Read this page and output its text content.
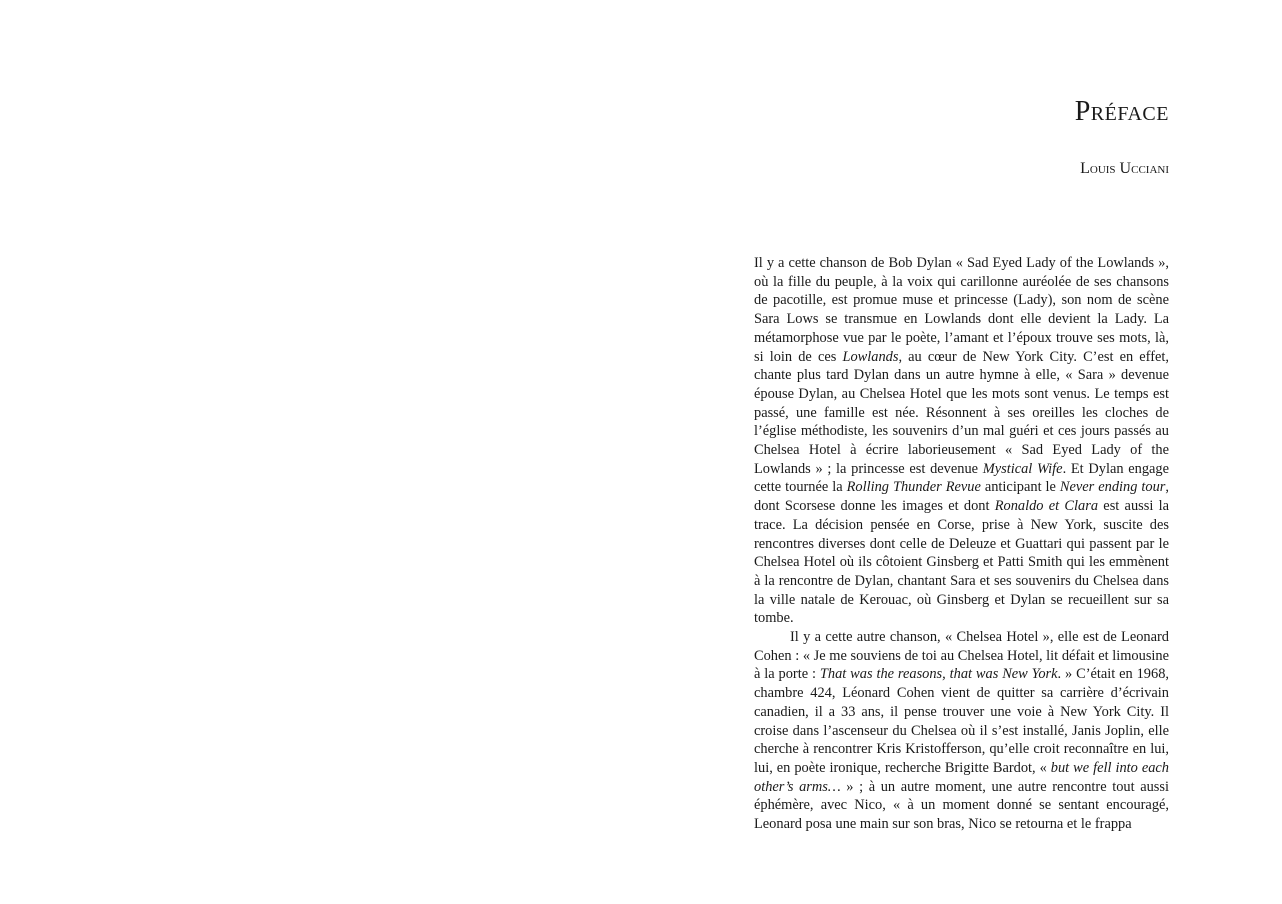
Préface
Louis Ucciani

Il y a cette chanson de Bob Dylan « Sad Eyed Lady of the Lowlands », où la fille du peuple, à la voix qui carillonne auréolée de ses chansons de pacotille, est promue muse et princesse (Lady), son nom de scène Sara Lows se transmue en Lowlands dont elle devient la Lady. La métamorphose vue par le poète, l’amant et l’époux trouve ses mots, là, si loin de ces Lowlands, au cœur de New York City. C’est en effet, chante plus tard Dylan dans un autre hymne à elle, « Sara » devenue épouse Dylan, au Chelsea Hotel que les mots sont venus. Le temps est passé, une famille est née. Résonnent à ses oreilles les cloches de l’église méthodiste, les souvenirs d’un mal guéri et ces jours passés au Chelsea Hotel à écrire laborieusement « Sad Eyed Lady of the Lowlands » ; la princesse est devenue Mystical Wife. Et Dylan engage cette tournée la Rolling Thunder Revue anticipant le Never ending tour, dont Scorsese donne les images et dont Ronaldo et Clara est aussi la trace. La décision pensée en Corse, prise à New York, suscite des rencontres diverses dont celle de Deleuze et Guattari qui passent par le Chelsea Hotel où ils côtoient Ginsberg et Patti Smith qui les emmènent à la rencontre de Dylan, chantant Sara et ses souvenirs du Chelsea dans la ville natale de Kerouac, où Ginsberg et Dylan se recueillent sur sa tombe.

Il y a cette autre chanson, « Chelsea Hotel », elle est de Leonard Cohen : « Je me souviens de toi au Chelsea Hotel, lit défait et limousine à la porte : That was the reasons, that was New York. » C’était en 1968, chambre 424, Léonard Cohen vient de quitter sa carrière d’écrivain canadien, il a 33 ans, il pense trouver une voie à New York City. Il croise dans l’ascenseur du Chelsea où il s’est installé, Janis Joplin, elle cherche à rencontrer Kris Kristofferson, qu’elle croit reconnaître en lui, lui, en poète ironique, recherche Brigitte Bardot, « but we fell into each other’s arms… » ; à un autre moment, une autre rencontre tout aussi éphémère, avec Nico, « à un moment donné se sentant encouragé, Leonard posa une main sur son bras, Nico se retourna et le frappa
